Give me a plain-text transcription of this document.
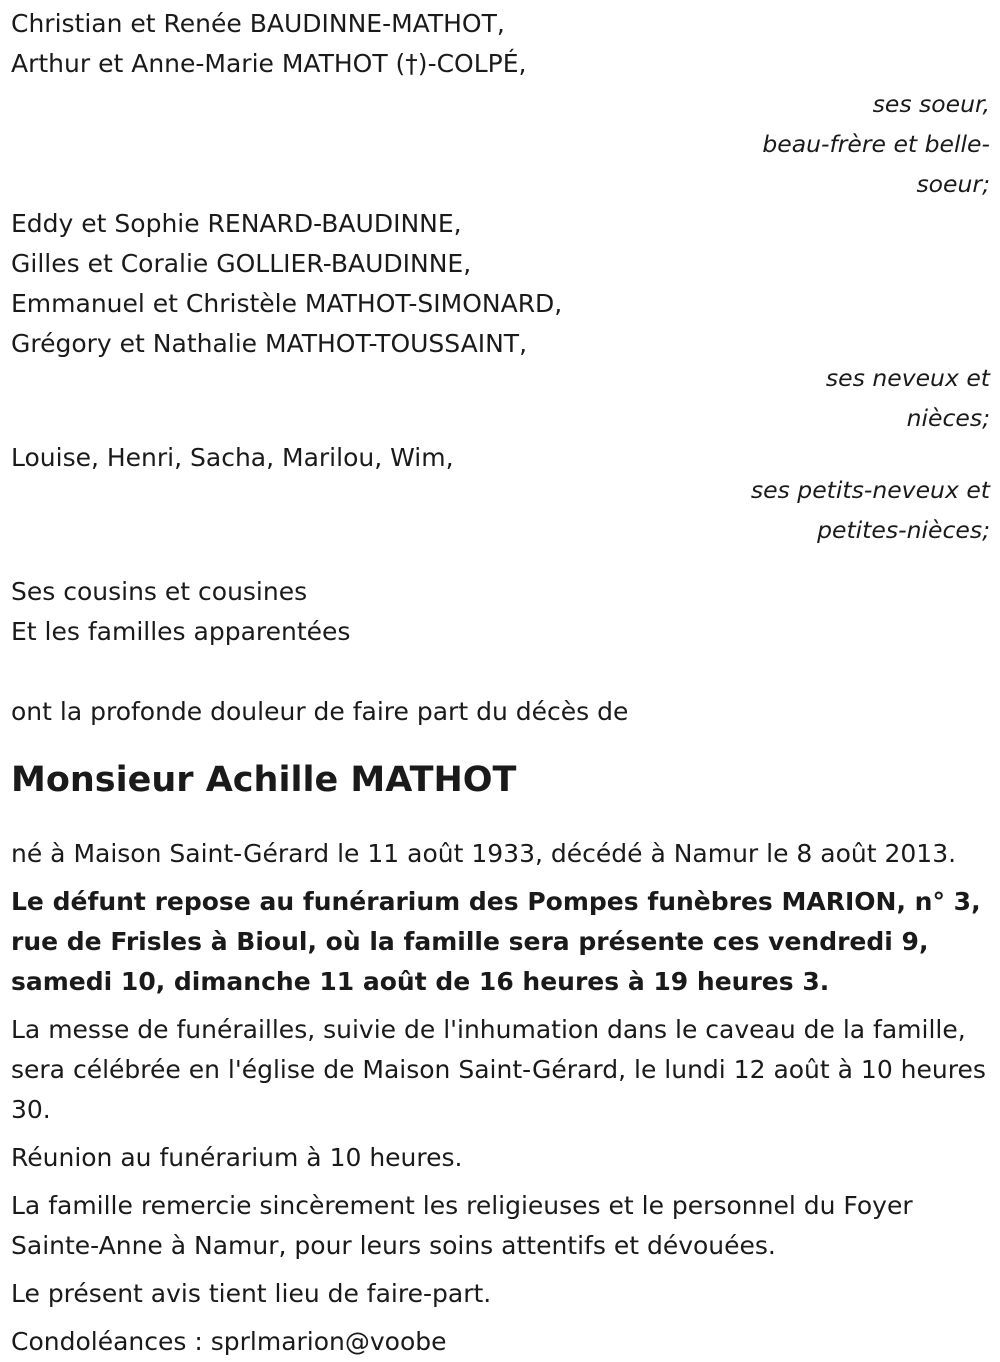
Christian et Renée BAUDINNE-MATHOT,

Arthur et Anne-Marie MATHOT (†)-COLPÉ,

ses soeur,

beau-frère et belle-

soeur;

Eddy et Sophie RENARD-BAUDINNE,

Gilles et Coralie GOLLIER-BAUDINNE,

Emmanuel et Christèle MATHOT-SIMONARD,

Grégory et Nathalie MATHOT-TOUSSAINT,

ses neveux et

nièces;

Louise, Henri, Sacha, Marilou, Wim,

ses petits-neveux et

petites-nièces;

Ses cousins et cousines

Et les familles apparentées

ont la profonde douleur de faire part du décès de

Monsieur Achille MATHOT

né à Maison Saint-Gérard le 11 août 1933, décédé à Namur le 8 août 2013.

Le défunt repose au funérarium des Pompes funèbres MARION, n° 3, rue de Frisles à Bioul, où la famille sera présente ces vendredi 9, samedi 10, dimanche 11 août de 16 heures à 19 heures 3.

La messe de funérailles, suivie de l'inhumation dans le caveau de la famille, sera célébrée en l'église de Maison Saint-Gérard, le lundi 12 août à 10 heures 30.

Réunion au funérarium à 10 heures.

La famille remercie sincèrement les religieuses et le personnel du Foyer Sainte-Anne à Namur, pour leurs soins attentifs et dévouées.

Le présent avis tient lieu de faire-part.

Condoléances : sprlmarion@voobe
